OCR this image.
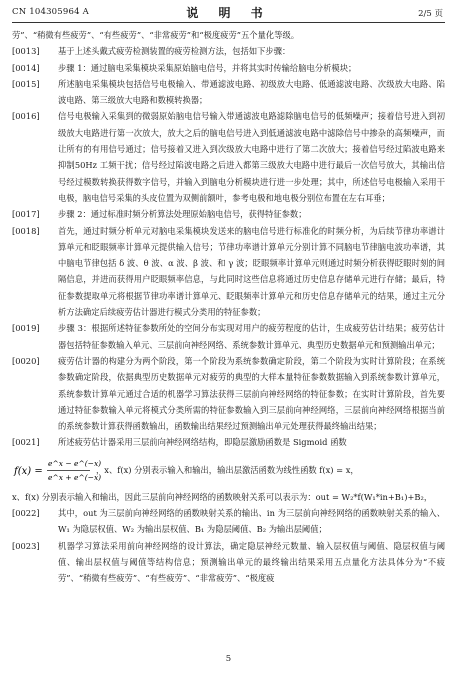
CN 104305964 A	说 明 书	2/5 页

劳”、“稍微有些疲劳”、“有些疲劳”、“非常疲劳”和“极度疲劳”五个量化等级。

[0013] 基于上述头戴式疲劳检测装置的疲劳检测方法，包括如下步骤：

[0014] 步骤 1：通过脑电采集模块采集原始脑电信号，并将其实时传输给脑电分析模块；

[0015] 所述脑电采集模块包括信号电极输入、带通滤波电路、初级放大电路、低通滤波电路、次级放大电路、陷波电路、第三级放大电路和数模转换器；

[0016] 信号电极输入采集到的微弱原始脑电信号输入带通滤波电路滤除脑电信号的低频噪声；接着信号进入到初级放大电路进行第一次放大，放大之后的脑电信号进入到低通滤波电路中滤除信号中掺杂的高频噪声，而让所有的有用信号通过；信号接着又进入到次级放大电路中进行了第二次放大；接着信号经过陷波电路来抑制50Hz 工频干扰；信号经过陷波电路之后进入都第三级放大电路中进行最后一次信号放大，其输出信号经过模数转换获得数字信号，并输入到脑电分析模块进行进一步处理；其中，所述信号电极输入采用干电极，脑电信号采集的头皮位置为双侧前额叶，参考电极和地电极分别位布置在左右耳垂；

[0017] 步骤 2：通过标准时频分析算法处理原始脑电信号，获得特征参数；

[0018] 首先，通过时频分析单元对脑电采集模块发送来的脑电信号进行标准化的时频分析，为后续节律功率谱计算单元和眨眼频率计算单元提供输入信号；节律功率谱计算单元分别计算不同脑电节律脑电波功率谱，其中脑电节律包括 δ 波、θ 波、α 波、β 波、和 γ 波；眨眼频率计算单元则通过时频分析获得眨眼时刻的间隔信息，并进而获得用户眨眼频率信息，与此同时这些信息将通过历史信息存储单元进行存储；最后，特征参数提取单元将根据节律功率谱计算单元、眨眼频率计算单元和历史信息存储单元的结果，通过主元分析方法确定后续疲劳估计器进行模式分类用的特征参数；

[0019] 步骤 3：根据所述特征参数所处的空间分布实现对用户的疲劳程度的估计，生成疲劳估计结果；疲劳估计器包括特征参数输入单元、三层前向神经网络、系统参数计算单元、典型历史数据单元和预测输出单元；

[0020] 疲劳估计器的构建分为两个阶段，第一个阶段为系统参数确定阶段，第二个阶段为实时计算阶段；在系统参数确定阶段，依据典型历史数据单元对疲劳的典型的大样本量特征参数数据输入到系统参数计算单元，系统参数计算单元通过合适的机器学习算法获得三层前向神经网络的特征参数；在实时计算阶段，首先要通过特征参数输入单元将模式分类所需的特征参数输入到三层前向神经网络，三层前向神经网络根据当前的系统参数计算获得函数输出，函数输出结果经过预测输出单元处理获得最终输出结果；

[0021] 所述疲劳估计器采用三层前向神经网络结构，即隐层激励函数是 Sigmoid 函数

f(x) =
e^x − e^(−x)
e^x + e^(−x)
，x、f(x) 分别表示输入和输出，输出层激活函数为线性函数 f(x) = x，

x、f(x) 分别表示输入和输出，因此三层前向神经网络的函数映射关系可以表示为：out = W₂*f(W₁*in+B₁)+B₂，

[0022] 其中，out 为三层前向神经网络的函数映射关系的输出、in 为三层前向神经网络的函数映射关系的输入、W₁ 为隐层权值、W₂ 为输出层权值、B₁ 为隐层阈值、B₂ 为输出层阈值；

[0023] 机器学习算法采用前向神经网络的设计算法，确定隐层神经元数量、输入层权值与阈值、隐层权值与阈值、输出层权值与阈值等结构信息；预测输出单元的最终输出结果采用五点量化方法具体分为“不疲劳”、“稍微有些疲劳”、“有些疲劳”、“非常疲劳”、“极度疲

5
